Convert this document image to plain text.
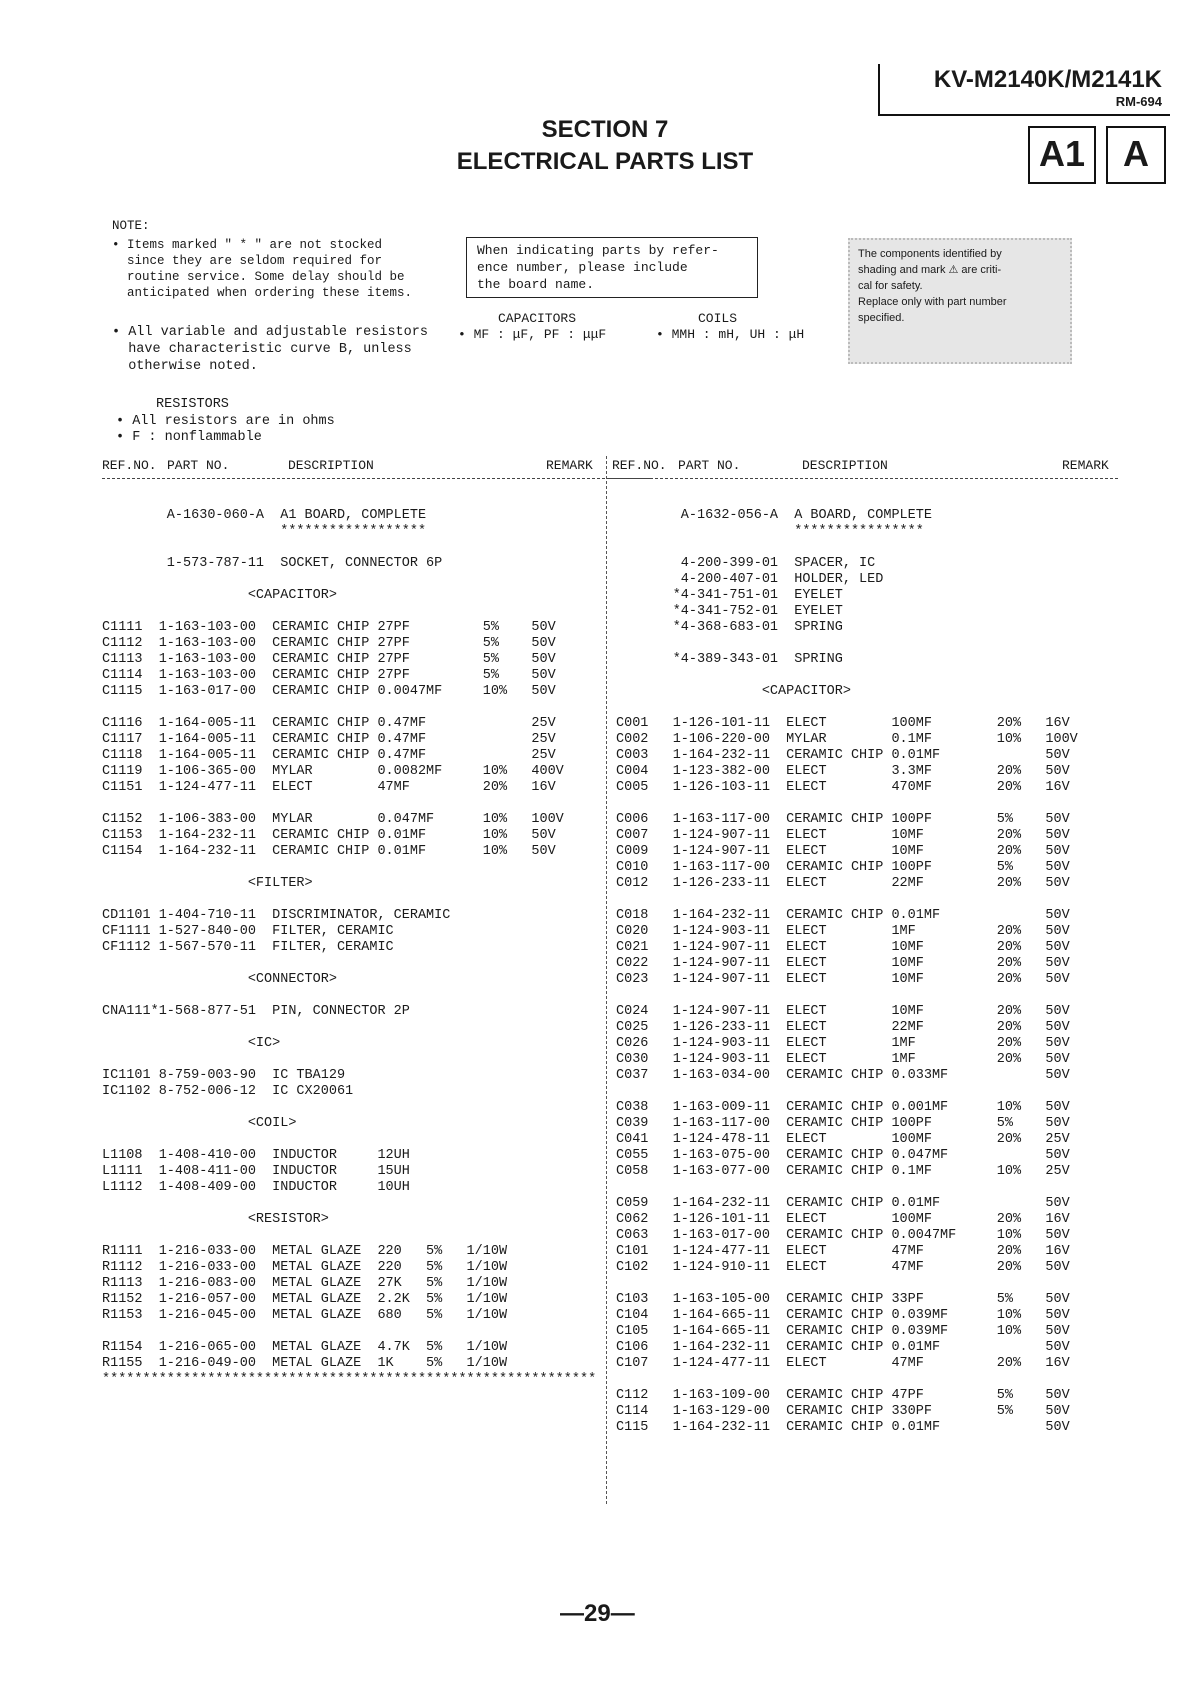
KV-M2140K/M2141K
RM-694
SECTION 7
ELECTRICAL PARTS LIST	A1	A
NOTE:
• Items marked " * " are not stocked
since they are seldom required for
routine service. Some delay should be
anticipated when ordering these items.
• All variable and adjustable resistors
have characteristic curve B, unless
otherwise noted.
When indicating parts by refer-
ence number, please include
the board name.
CAPACITORS
• MF : μF, PF : μμF
COILS
• MMH : mH, UH : μH
The components identified by
shading and mark ⚠ are criti-
cal for safety.
Replace only with part number
specified.
RESISTORS
• All resistors are in ohms
• F : nonflammable
REF.NO. PART NO.	DESCRIPTION	REMARK REF.NO. PART NO.	DESCRIPTION	REMARK
A-1630-060-A  A1 BOARD, COMPLETE
******************
1-573-787-11  SOCKET, CONNECTOR 6P
<CAPACITOR>
C1111  1-163-103-00  CERAMIC CHIP 27PF         5%    50V
C1112  1-163-103-00  CERAMIC CHIP 27PF         5%    50V
C1113  1-163-103-00  CERAMIC CHIP 27PF         5%    50V
C1114  1-163-103-00  CERAMIC CHIP 27PF         5%    50V
C1115  1-163-017-00  CERAMIC CHIP 0.0047MF     10%   50V
C1116  1-164-005-11  CERAMIC CHIP 0.47MF             25V
C1117  1-164-005-11  CERAMIC CHIP 0.47MF             25V
C1118  1-164-005-11  CERAMIC CHIP 0.47MF             25V
C1119  1-106-365-00  MYLAR        0.0082MF     10%   400V
C1151  1-124-477-11  ELECT        47MF         20%   16V
C1152  1-106-383-00  MYLAR        0.047MF      10%   100V
C1153  1-164-232-11  CERAMIC CHIP 0.01MF       10%   50V
C1154  1-164-232-11  CERAMIC CHIP 0.01MF       10%   50V
<FILTER>
CD1101 1-404-710-11  DISCRIMINATOR, CERAMIC
CF1111 1-527-840-00  FILTER, CERAMIC
CF1112 1-567-570-11  FILTER, CERAMIC
<CONNECTOR>
CNA111*1-568-877-51  PIN, CONNECTOR 2P
<IC>
IC1101 8-759-003-90  IC TBA129
IC1102 8-752-006-12  IC CX20061
<COIL>
L1108  1-408-410-00  INDUCTOR     12UH
L1111  1-408-411-00  INDUCTOR     15UH
L1112  1-408-409-00  INDUCTOR     10UH
<RESISTOR>
R1111  1-216-033-00  METAL GLAZE  220   5%   1/10W
R1112  1-216-033-00  METAL GLAZE  220   5%   1/10W
R1113  1-216-083-00  METAL GLAZE  27K   5%   1/10W
R1152  1-216-057-00  METAL GLAZE  2.2K  5%   1/10W
R1153  1-216-045-00  METAL GLAZE  680   5%   1/10W
R1154  1-216-065-00  METAL GLAZE  4.7K  5%   1/10W
R1155  1-216-049-00  METAL GLAZE  1K    5%   1/10W
*************************************************************
A-1632-056-A  A BOARD, COMPLETE
****************
4-200-399-01  SPACER, IC
4-200-407-01  HOLDER, LED
*4-341-751-01  EYELET
*4-341-752-01  EYELET
*4-368-683-01  SPRING
*4-389-343-01  SPRING
<CAPACITOR>
C001   1-126-101-11  ELECT        100MF        20%   16V
C002   1-106-220-00  MYLAR        0.1MF        10%   100V
C003   1-164-232-11  CERAMIC CHIP 0.01MF             50V
C004   1-123-382-00  ELECT        3.3MF        20%   50V
C005   1-126-103-11  ELECT        470MF        20%   16V
C006   1-163-117-00  CERAMIC CHIP 100PF        5%    50V
C007   1-124-907-11  ELECT        10MF         20%   50V
C009   1-124-907-11  ELECT        10MF         20%   50V
C010   1-163-117-00  CERAMIC CHIP 100PF        5%    50V
C012   1-126-233-11  ELECT        22MF         20%   50V
C018   1-164-232-11  CERAMIC CHIP 0.01MF             50V
C020   1-124-903-11  ELECT        1MF          20%   50V
C021   1-124-907-11  ELECT        10MF         20%   50V
C022   1-124-907-11  ELECT        10MF         20%   50V
C023   1-124-907-11  ELECT        10MF         20%   50V
C024   1-124-907-11  ELECT        10MF         20%   50V
C025   1-126-233-11  ELECT        22MF         20%   50V
C026   1-124-903-11  ELECT        1MF          20%   50V
C030   1-124-903-11  ELECT        1MF          20%   50V
C037   1-163-034-00  CERAMIC CHIP 0.033MF            50V
C038   1-163-009-11  CERAMIC CHIP 0.001MF      10%   50V
C039   1-163-117-00  CERAMIC CHIP 100PF        5%    50V
C041   1-124-478-11  ELECT        100MF        20%   25V
C055   1-163-075-00  CERAMIC CHIP 0.047MF            50V
C058   1-163-077-00  CERAMIC CHIP 0.1MF        10%   25V
C059   1-164-232-11  CERAMIC CHIP 0.01MF             50V
C062   1-126-101-11  ELECT        100MF        20%   16V
C063   1-163-017-00  CERAMIC CHIP 0.0047MF     10%   50V
C101   1-124-477-11  ELECT        47MF         20%   16V
C102   1-124-910-11  ELECT        47MF         20%   50V
C103   1-163-105-00  CERAMIC CHIP 33PF         5%    50V
C104   1-164-665-11  CERAMIC CHIP 0.039MF      10%   50V
C105   1-164-665-11  CERAMIC CHIP 0.039MF      10%   50V
C106   1-164-232-11  CERAMIC CHIP 0.01MF             50V
C107   1-124-477-11  ELECT        47MF         20%   16V
C112   1-163-109-00  CERAMIC CHIP 47PF         5%    50V
C114   1-163-129-00  CERAMIC CHIP 330PF        5%    50V
C115   1-164-232-11  CERAMIC CHIP 0.01MF             50V
—29—
